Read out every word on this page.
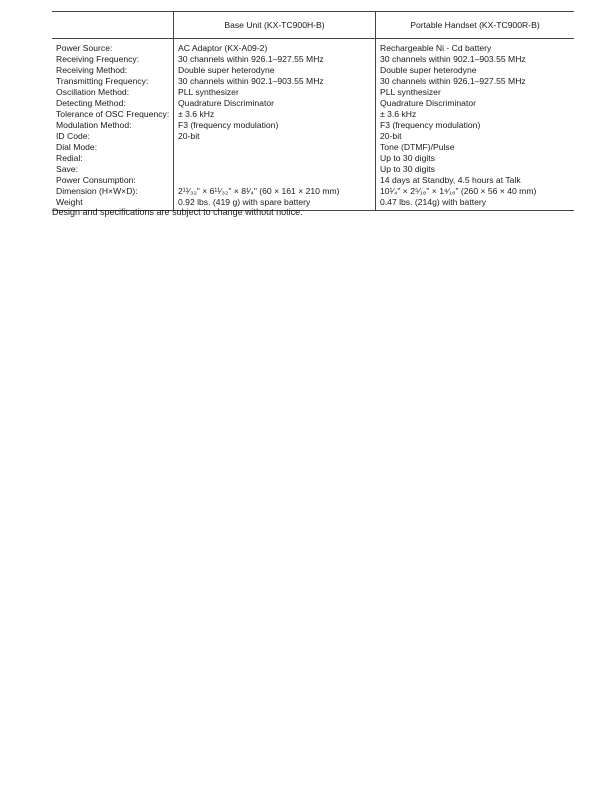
	Base Unit (KX-TC900H-B)	Portable Handset (KX-TC900R-B)
Power Source:	AC Adaptor (KX-A09-2)	Rechargeable Ni - Cd battery
Receiving Frequency:	30 channels within 926.1–927.55 MHz	30 channels within 902.1–903.55 MHz
Receiving Method:	Double super heterodyne	Double super heterodyne
Transmitting Frequency:	30 channels within 902.1–903.55 MHz	30 channels within 926.1–927.55 MHz
Oscillation Method:	PLL synthesizer	PLL synthesizer
Detecting Method:	Quadrature Discriminator	Quadrature Discriminator
Tolerance of OSC Frequency:	± 3.6 kHz	± 3.6 kHz
Modulation Method:	F3 (frequency modulation)	F3 (frequency modulation)
ID Code:	20-bit	20-bit
Dial Mode:		Tone (DTMF)/Pulse
Redial:		Up to 30 digits
Save:		Up to 30 digits
Power Consumption:		14 days at Standby, 4.5 hours at Talk
Dimension (H×W×D):	2¹¹⁄₃₂" × 6¹¹⁄₃₂" × 8¹⁄₄" (60 × 161 × 210 mm)	10¹⁄₄" × 2⁵⁄₁₆" × 1⁹⁄₁₆" (260 × 56 × 40 mm)
Weight	0.92 lbs. (419 g) with spare battery	0.47 lbs. (214g) with battery
Design and specifications are subject to change without notice.
